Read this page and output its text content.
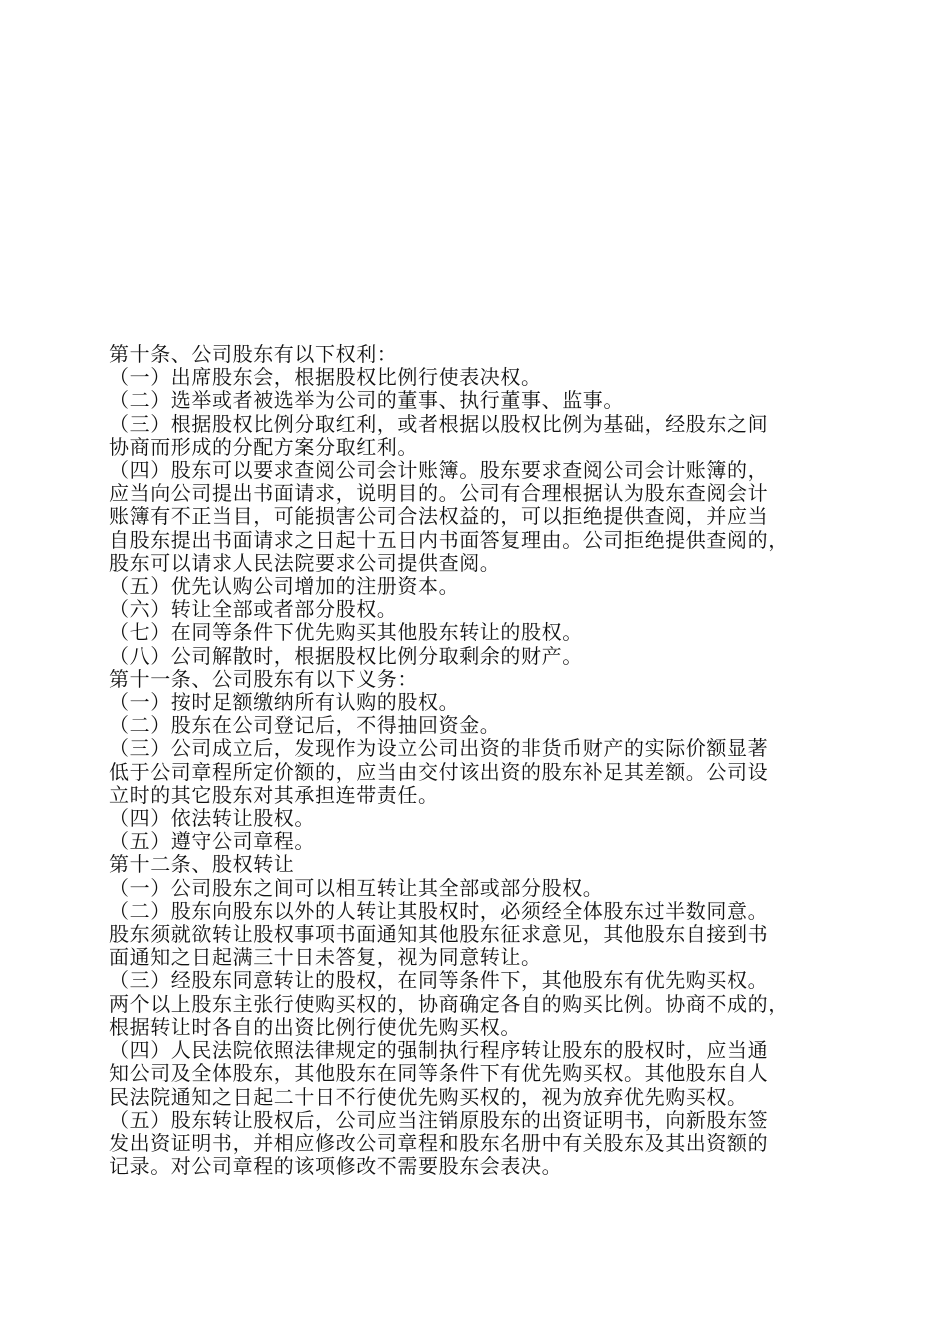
第十条、公司股东有以下权利：
（一）出席股东会，根据股权比例行使表决权。
（二）选举或者被选举为公司的董事、执行董事、监事。
（三）根据股权比例分取红利，或者根据以股权比例为基础，经股东之间
协商而形成的分配方案分取红利。
（四）股东可以要求查阅公司会计账簿。股东要求查阅公司会计账簿的，
应当向公司提出书面请求，说明目的。公司有合理根据认为股东查阅会计
账簿有不正当目，可能损害公司合法权益的，可以拒绝提供查阅，并应当
自股东提出书面请求之日起十五日内书面答复理由。公司拒绝提供查阅的，
股东可以请求人民法院要求公司提供查阅。
（五）优先认购公司增加的注册资本。
（六）转让全部或者部分股权。
（七）在同等条件下优先购买其他股东转让的股权。
（八）公司解散时，根据股权比例分取剩余的财产。
第十一条、公司股东有以下义务：
（一）按时足额缴纳所有认购的股权。
（二）股东在公司登记后，不得抽回资金。
（三）公司成立后，发现作为设立公司出资的非货币财产的实际价额显著
低于公司章程所定价额的，应当由交付该出资的股东补足其差额。公司设
立时的其它股东对其承担连带责任。
（四）依法转让股权。
（五）遵守公司章程。
第十二条、股权转让
（一）公司股东之间可以相互转让其全部或部分股权。
（二）股东向股东以外的人转让其股权时，必须经全体股东过半数同意。
股东须就欲转让股权事项书面通知其他股东征求意见，其他股东自接到书
面通知之日起满三十日未答复，视为同意转让。
（三）经股东同意转让的股权，在同等条件下，其他股东有优先购买权。
两个以上股东主张行使购买权的，协商确定各自的购买比例。协商不成的，
根据转让时各自的出资比例行使优先购买权。
（四）人民法院依照法律规定的强制执行程序转让股东的股权时，应当通
知公司及全体股东，其他股东在同等条件下有优先购买权。其他股东自人
民法院通知之日起二十日不行使优先购买权的，视为放弃优先购买权。
（五）股东转让股权后，公司应当注销原股东的出资证明书，向新股东签
发出资证明书，并相应修改公司章程和股东名册中有关股东及其出资额的
记录。对公司章程的该项修改不需要股东会表决。
